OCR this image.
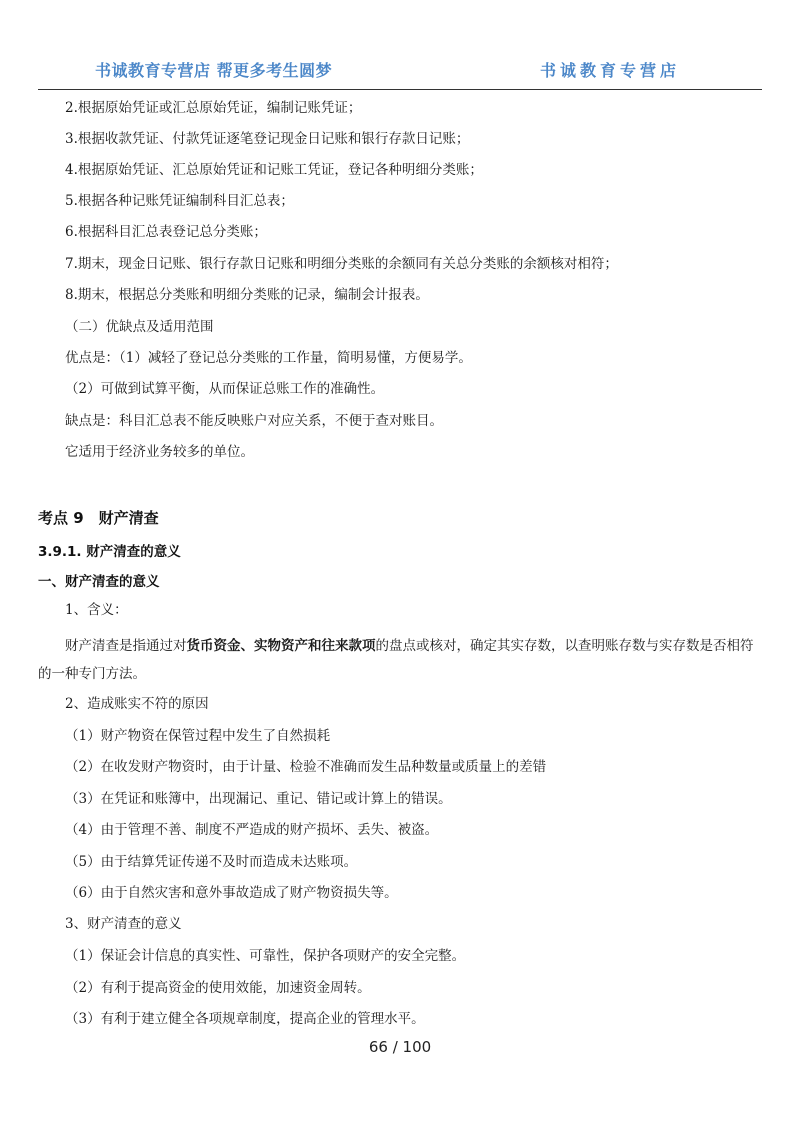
书诚教育专营店 帮更多考生圆梦	书诚教育专营店
2.根据原始凭证或汇总原始凭证，编制记账凭证；
3.根据收款凭证、付款凭证逐笔登记现金日记账和银行存款日记账；
4.根据原始凭证、汇总原始凭证和记账工凭证，登记各种明细分类账；
5.根据各种记账凭证编制科目汇总表；
6.根据科目汇总表登记总分类账；
7.期末，现金日记账、银行存款日记账和明细分类账的余额同有关总分类账的余额核对相符；
8.期末，根据总分类账和明细分类账的记录，编制会计报表。
（二）优缺点及适用范围
优点是：（1）减轻了登记总分类账的工作量，简明易懂，方便易学。
（2）可做到试算平衡，从而保证总账工作的准确性。
缺点是：科目汇总表不能反映账户对应关系，不便于查对账目。
它适用于经济业务较多的单位。
考点 9　财产清查
3.9.1. 财产清查的意义
一、财产清查的意义
1、含义：
财产清查是指通过对货币资金、实物资产和往来款项的盘点或核对，确定其实存数，以查明账存数与实存数是否相符的一种专门方法。
2、造成账实不符的原因
（1）财产物资在保管过程中发生了自然损耗
（2）在收发财产物资时，由于计量、检验不准确而发生品种数量或质量上的差错
（3）在凭证和账簿中，出现漏记、重记、错记或计算上的错误。
（4）由于管理不善、制度不严造成的财产损坏、丢失、被盗。
（5）由于结算凭证传递不及时而造成未达账项。
（6）由于自然灾害和意外事故造成了财产物资损失等。
3、财产清查的意义
（1）保证会计信息的真实性、可靠性，保护各项财产的安全完整。
（2）有利于提高资金的使用效能，加速资金周转。
（3）有利于建立健全各项规章制度，提高企业的管理水平。
66 / 100
